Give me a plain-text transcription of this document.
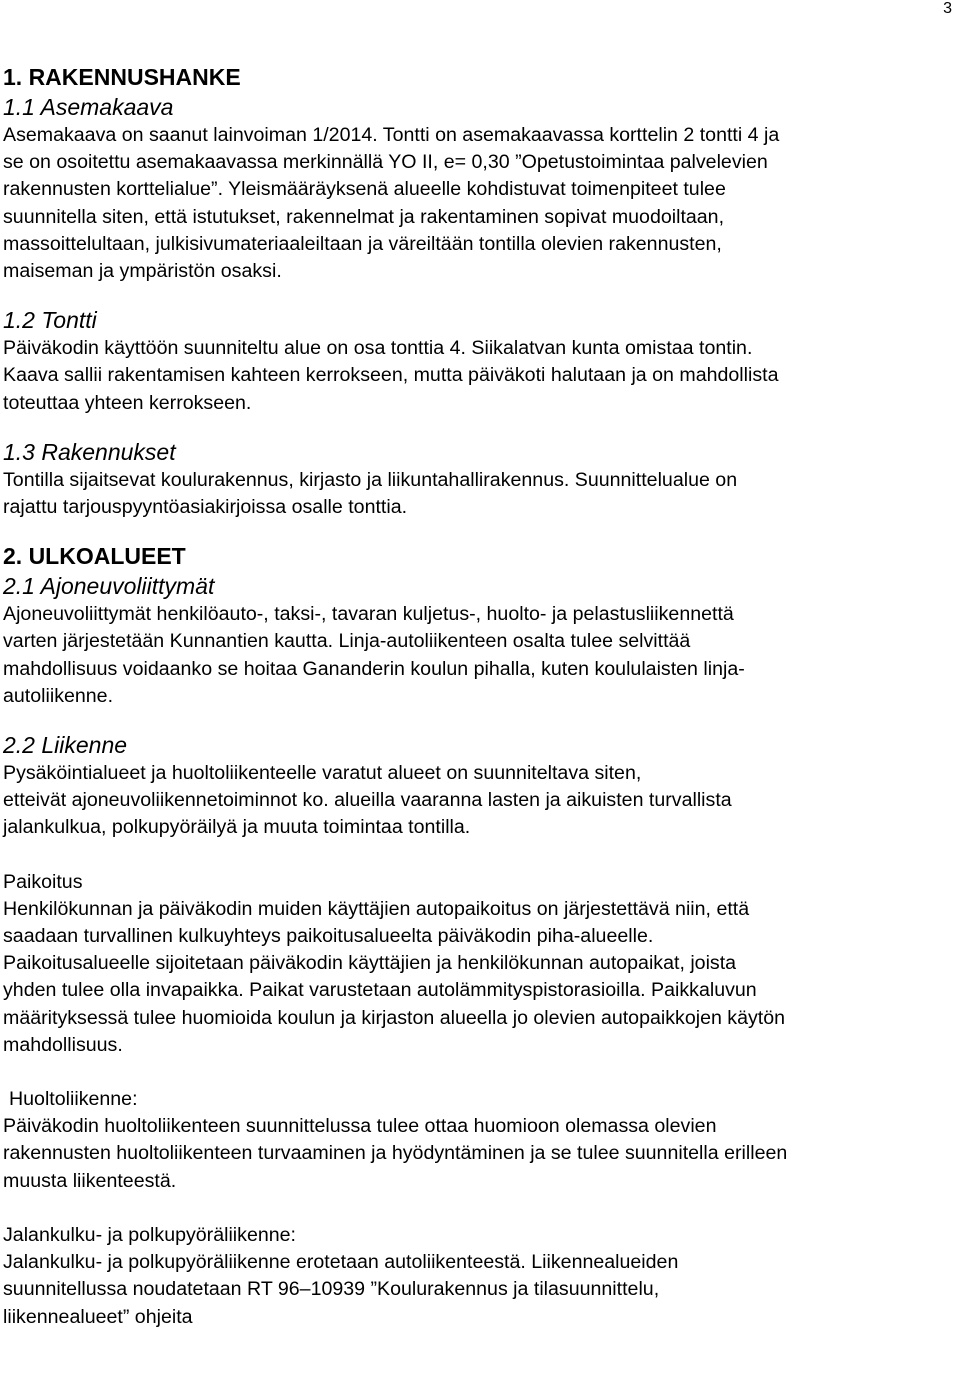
3
1. RAKENNUSHANKE
1.1 Asemakaava

Asemakaava on saanut lainvoiman 1/2014. Tontti on asemakaavassa korttelin 2 tontti 4 ja

se on osoitettu asemakaavassa merkinnällä YO II, e= 0,30 ”Opetustoimintaa palvelevien

rakennusten korttelialue”. Yleismääräyksenä alueelle kohdistuvat toimenpiteet tulee

suunnitella siten, että istutukset, rakennelmat ja rakentaminen sopivat muodoiltaan,

massoittelultaan, julkisivumateriaaleiltaan ja väreiltään tontilla olevien rakennusten,

maiseman ja ympäristön osaksi.

1.2 Tontti

Päiväkodin käyttöön suunniteltu alue on osa tonttia 4. Siikalatvan kunta omistaa tontin.

Kaava sallii rakentamisen kahteen kerrokseen, mutta päiväkoti halutaan ja on mahdollista

toteuttaa yhteen kerrokseen.

1.3 Rakennukset

Tontilla sijaitsevat koulurakennus, kirjasto ja liikuntahallirakennus. Suunnittelualue on

rajattu tarjouspyyntöasiakirjoissa osalle tonttia.

2. ULKOALUEET
2.1 Ajoneuvoliittymät

Ajoneuvoliittymät henkilöauto-, taksi-, tavaran kuljetus-, huolto- ja pelastusliikennettä

varten järjestetään Kunnantien kautta. Linja-autoliikenteen osalta tulee selvittää

mahdollisuus voidaanko se hoitaa Gananderin koulun pihalla, kuten koululaisten linja-

autoliikenne.

2.2 Liikenne

Pysäköintialueet ja huoltoliikenteelle varatut alueet on suunniteltava siten,

etteivät ajoneuvoliikennetoiminnot ko. alueilla vaaranna lasten ja aikuisten turvallista

jalankulkua, polkupyöräilyä ja muuta toimintaa tontilla.

Paikoitus

Henkilökunnan ja päiväkodin muiden käyttäjien autopaikoitus on järjestettävä niin, että

saadaan turvallinen kulkuyhteys paikoitusalueelta päiväkodin piha-alueelle.

Paikoitusalueelle sijoitetaan päiväkodin käyttäjien ja henkilökunnan autopaikat, joista

yhden tulee olla invapaikka. Paikat varustetaan autolämmityspistorasioilla. Paikkaluvun

määrityksessä tulee huomioida koulun ja kirjaston alueella jo olevien autopaikkojen käytön

mahdollisuus.

Huoltoliikenne:

Päiväkodin huoltoliikenteen suunnittelussa tulee ottaa huomioon olemassa olevien

rakennusten huoltoliikenteen turvaaminen ja hyödyntäminen ja se tulee suunnitella erilleen

muusta liikenteestä.

Jalankulku- ja polkupyöräliikenne:

Jalankulku- ja polkupyöräliikenne erotetaan autoliikenteestä. Liikennealueiden

suunnitellussa noudatetaan RT 96–10939 ”Koulurakennus ja tilasuunnittelu,

liikennealueet” ohjeita
